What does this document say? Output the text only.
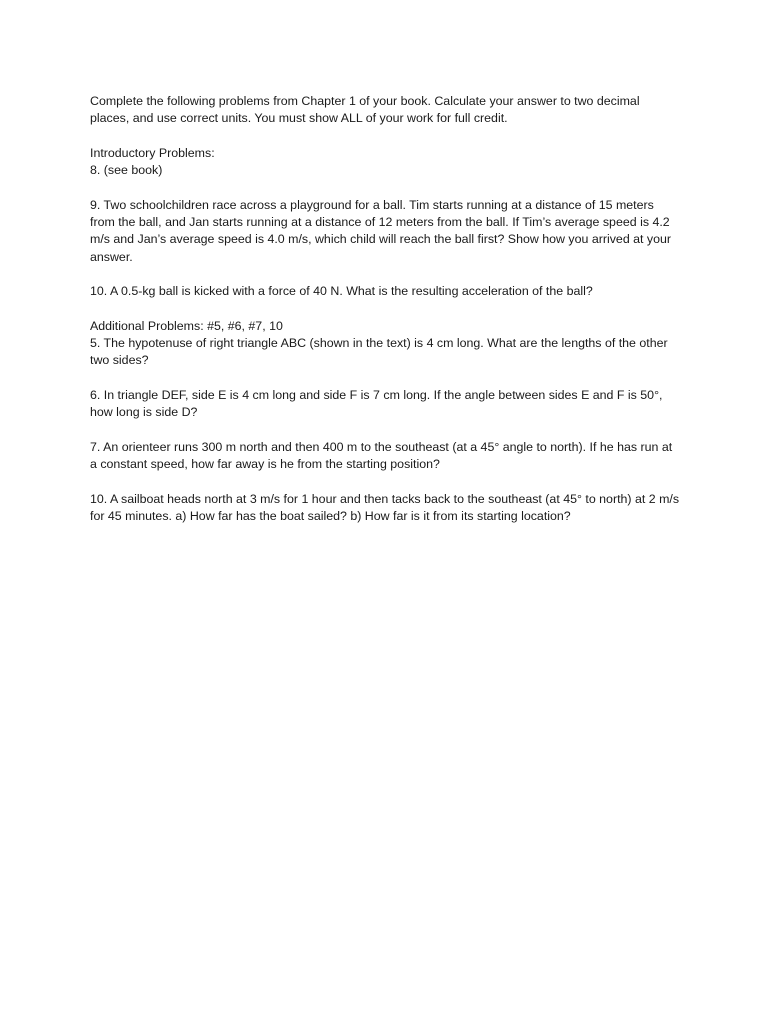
Complete the following problems from Chapter 1 of your book. Calculate your answer to two decimal places, and use correct units. You must show ALL of your work for full credit.

Introductory Problems:
8. (see book)

9. Two schoolchildren race across a playground for a ball. Tim starts running at a distance of 15 meters from the ball, and Jan starts running at a distance of 12 meters from the ball. If Tim’s average speed is 4.2 m/s and Jan’s average speed is 4.0 m/s, which child will reach the ball first? Show how you arrived at your answer.

10. A 0.5-kg ball is kicked with a force of 40 N. What is the resulting acceleration of the ball?

Additional Problems: #5, #6, #7, 10
5. The hypotenuse of right triangle ABC (shown in the text) is 4 cm long. What are the lengths of the other two sides?

6. In triangle DEF, side E is 4 cm long and side F is 7 cm long. If the angle between sides E and F is 50°, how long is side D?

7. An orienteer runs 300 m north and then 400 m to the southeast (at a 45° angle to north). If he has run at a constant speed, how far away is he from the starting position?

10. A sailboat heads north at 3 m/s for 1 hour and then tacks back to the southeast (at 45° to north) at 2 m/s for 45 minutes. a) How far has the boat sailed? b) How far is it from its starting location?
